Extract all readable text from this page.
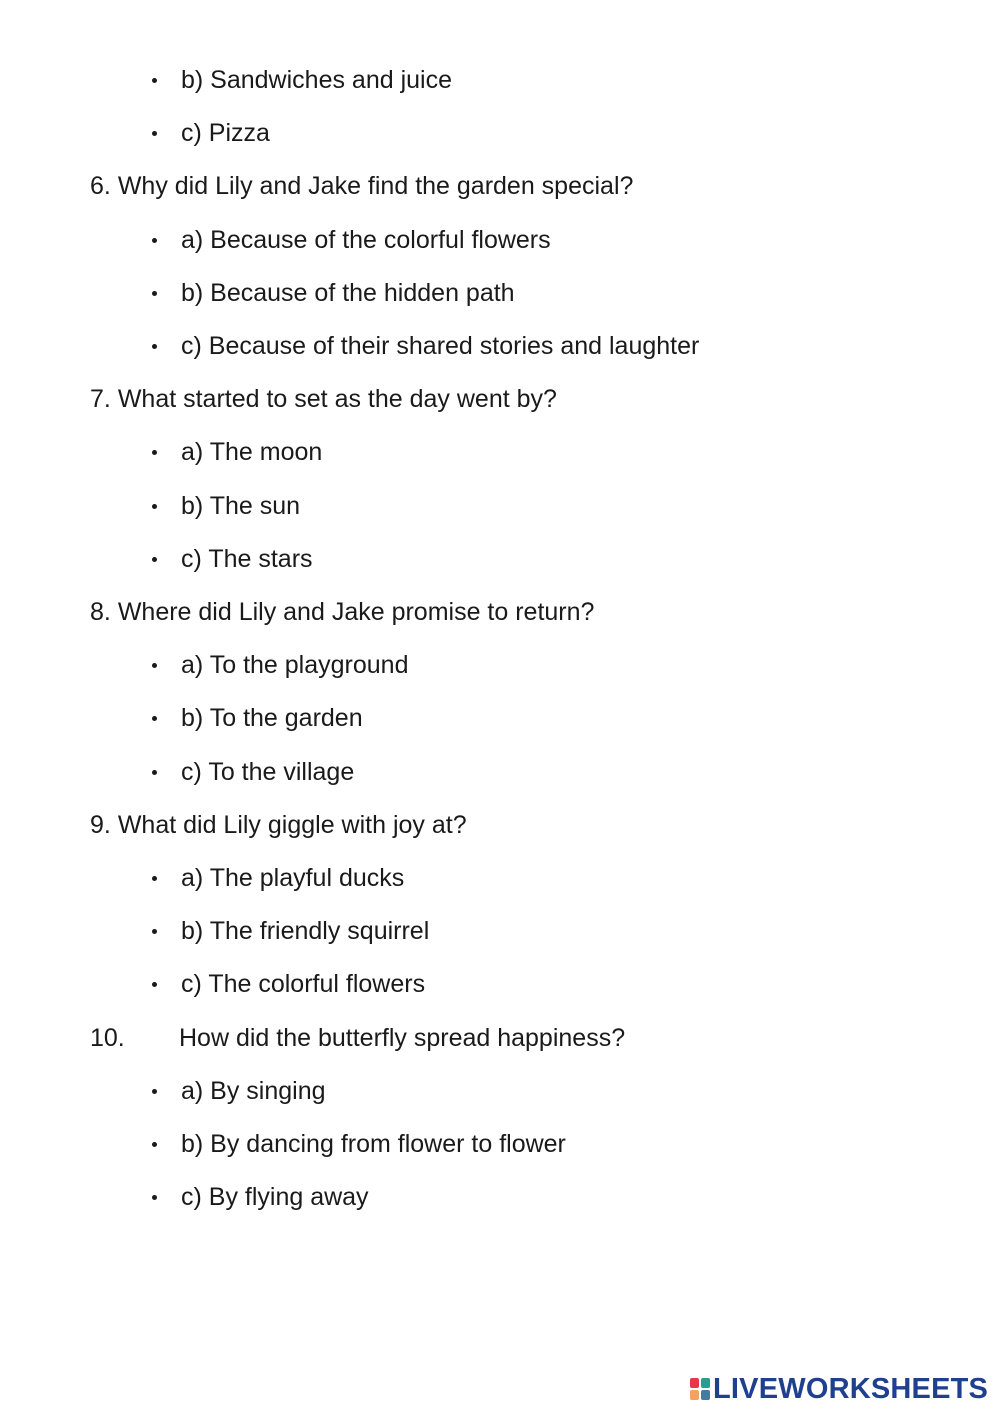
b) Sandwiches and juice
c) Pizza
6. Why did Lily and Jake find the garden special?
a) Because of the colorful flowers
b) Because of the hidden path
c) Because of their shared stories and laughter
7. What started to set as the day went by?
a) The moon
b) The sun
c) The stars
8. Where did Lily and Jake promise to return?
a) To the playground
b) To the garden
c) To the village
9. What did Lily giggle with joy at?
a) The playful ducks
b) The friendly squirrel
c) The colorful flowers
10. How did the butterfly spread happiness?
a) By singing
b) By dancing from flower to flower
c) By flying away
LIVEWORKSHEETS
